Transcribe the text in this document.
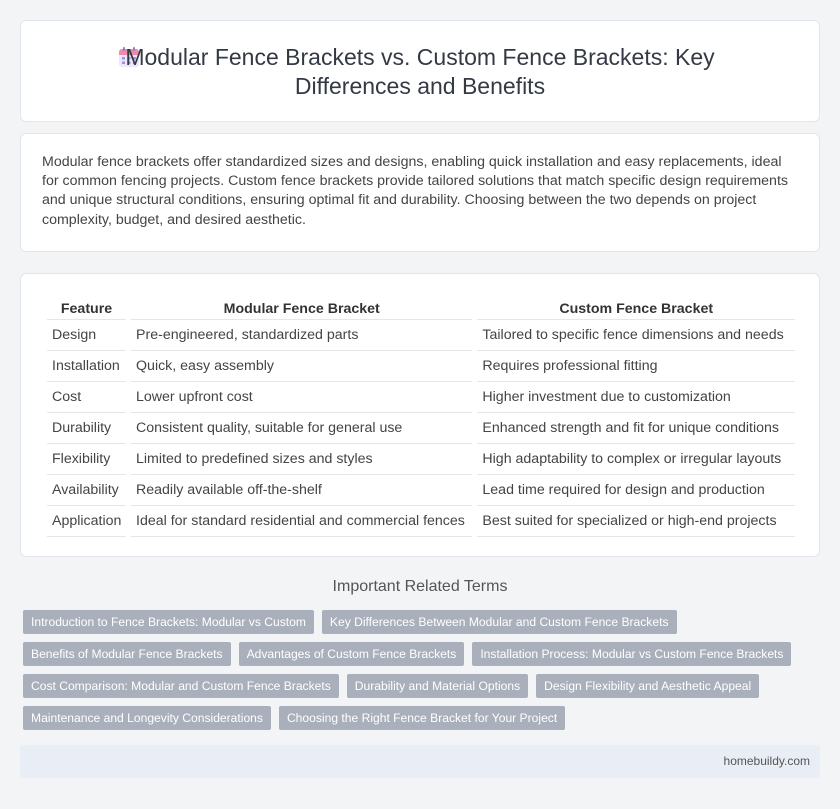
Modular Fence Brackets vs. Custom Fence Brackets: Key
Differences and Benefits

Modular fence brackets offer standardized sizes and designs, enabling quick installation and easy replacements, ideal for common fencing projects. Custom fence brackets provide tailored solutions that match specific design requirements and unique structural conditions, ensuring optimal fit and durability. Choosing between the two depends on project complexity, budget, and desired aesthetic.

Feature	Modular Fence Bracket	Custom Fence Bracket
Design	Pre-engineered, standardized parts	Tailored to specific fence dimensions and needs
Installation	Quick, easy assembly	Requires professional fitting
Cost	Lower upfront cost	Higher investment due to customization
Durability	Consistent quality, suitable for general use	Enhanced strength and fit for unique conditions
Flexibility	Limited to predefined sizes and styles	High adaptability to complex or irregular layouts
Availability	Readily available off-the-shelf	Lead time required for design and production
Application	Ideal for standard residential and commercial fences	Best suited for specialized or high-end projects
Important Related Terms
Introduction to Fence Brackets: Modular vs Custom	Key Differences Between Modular and Custom Fence Brackets
Benefits of Modular Fence Brackets	Advantages of Custom Fence Brackets	Installation Process: Modular vs Custom Fence Brackets
Cost Comparison: Modular and Custom Fence Brackets	Durability and Material Options	Design Flexibility and Aesthetic Appeal
Maintenance and Longevity Considerations	Choosing the Right Fence Bracket for Your Project
homebuildy.com
